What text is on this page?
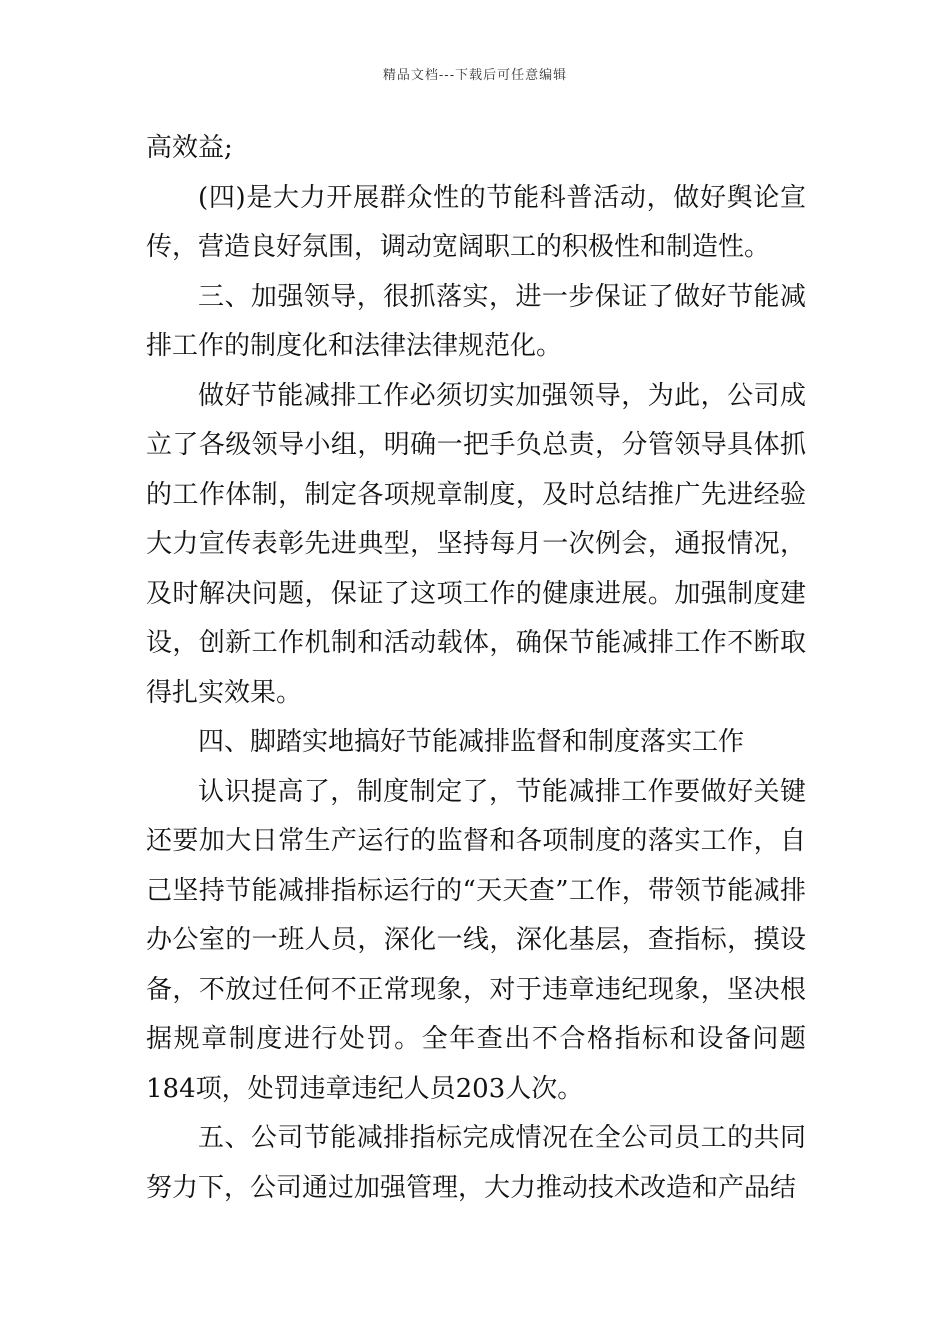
精品文档---下载后可任意编辑

高效益;

(四)是大力开展群众性的节能科普活动，做好舆论宣传，营造良好氛围，调动宽阔职工的积极性和制造性。

三、加强领导，很抓落实，进一步保证了做好节能减排工作的制度化和法律法律规范化。

做好节能减排工作必须切实加强领导，为此，公司成立了各级领导小组，明确一把手负总责，分管领导具体抓的工作体制，制定各项规章制度，及时总结推广先进经验大力宣传表彰先进典型，坚持每月一次例会，通报情况，及时解决问题，保证了这项工作的健康进展。加强制度建设，创新工作机制和活动载体，确保节能减排工作不断取得扎实效果。

四、脚踏实地搞好节能减排监督和制度落实工作

认识提高了，制度制定了，节能减排工作要做好关键还要加大日常生产运行的监督和各项制度的落实工作，自己坚持节能减排指标运行的“天天查”工作，带领节能减排办公室的一班人员，深化一线，深化基层，查指标，摸设备，不放过任何不正常现象，对于违章违纪现象，坚决根据规章制度进行处罚。全年查出不合格指标和设备问题184项，处罚违章违纪人员203人次。

五、公司节能减排指标完成情况在全公司员工的共同努力下，公司通过加强管理，大力推动技术改造和产品结
